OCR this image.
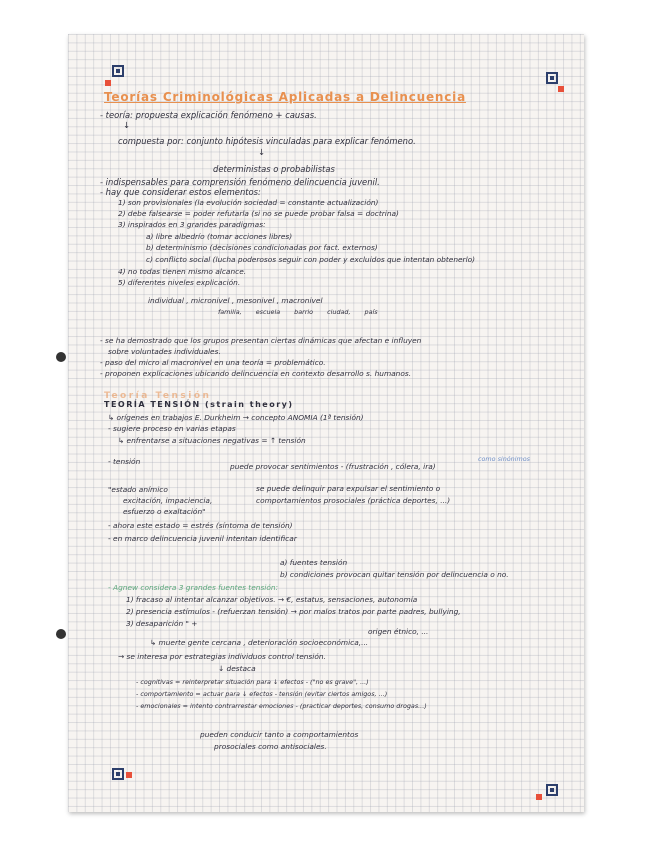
Teorías Criminológicas Aplicadas a Delincuencia
- teoría: propuesta explicación fenómeno + causas.
↓
compuesta por: conjunto hipótesis vinculadas para explicar fenómeno.
↓
deterministas o probabilistas
- indispensables para comprensión fenómeno delincuencia juvenil.
- hay que considerar estos elementos:
1) son provisionales (la evolución sociedad = constante actualización)
2) debe falsearse = poder refutarla (si no se puede probar falsa = doctrina)
3) inspirados en 3 grandes paradigmas:
a) libre albedrío (tomar acciones libres)
b) determinismo (decisiones condicionadas por fact. externos)
c) conflicto social (lucha poderosos seguir con poder y excluidos que intentan obtenerlo)
4) no todas tienen mismo alcance.
5) diferentes niveles explicación.
individual , micronivel , mesonivel , macronivel
familia, escuela barrio ciudad, país
- se ha demostrado que los grupos presentan ciertas dinámicas que afectan e influyen
sobre voluntades individuales.
- paso del micro al macronivel en una teoría = problemático.
- proponen explicaciones ubicando delincuencia en contexto desarrollo s. humanos.
Teoría Tensión
TEORÍA TENSIÓN (strain theory)
↳ orígenes en trabajos E. Durkheim → concepto ANOMIA (1ª tensión)
- sugiere proceso en varias etapas
↳ enfrentarse a situaciones negativas = ↑ tensión
- tensión
puede provocar sentimientos - (frustración , cólera, ira)
como sinónimos
"estado anímico	se puede delinquir para expulsar el sentimiento o
excitación, impaciencia,	comportamientos prosociales (práctica deportes, ...)
esfuerzo o exaltación"
- ahora este estado = estrés (síntoma de tensión)
- en marco delincuencia juvenil intentan identificar
a) fuentes tensión
b) condiciones provocan quitar tensión por delincuencia o no.
- Agnew considera 3 grandes fuentes tensión:
1) fracaso al intentar alcanzar objetivos. → €, estatus, sensaciones, autonomía
2) presencia estímulos - (refuerzan tensión) → por malos tratos por parte padres, bullying,
3) desaparición " +
origen étnico, ...
↳ muerte gente cercana , deterioración socioeconómica,...
→ se interesa por estrategias individuos control tensión.
↓ destaca
- cognitivas = reinterpretar situación para ↓ efectos - ("no es grave", ...)
- comportamiento = actuar para ↓ efectos - tensión (evitar ciertos amigos, ...)
- emocionales = intento contrarrestar emociones - (practicar deportes, consumo drogas...)
pueden conducir tanto a comportamientos
prosociales como antisociales.
